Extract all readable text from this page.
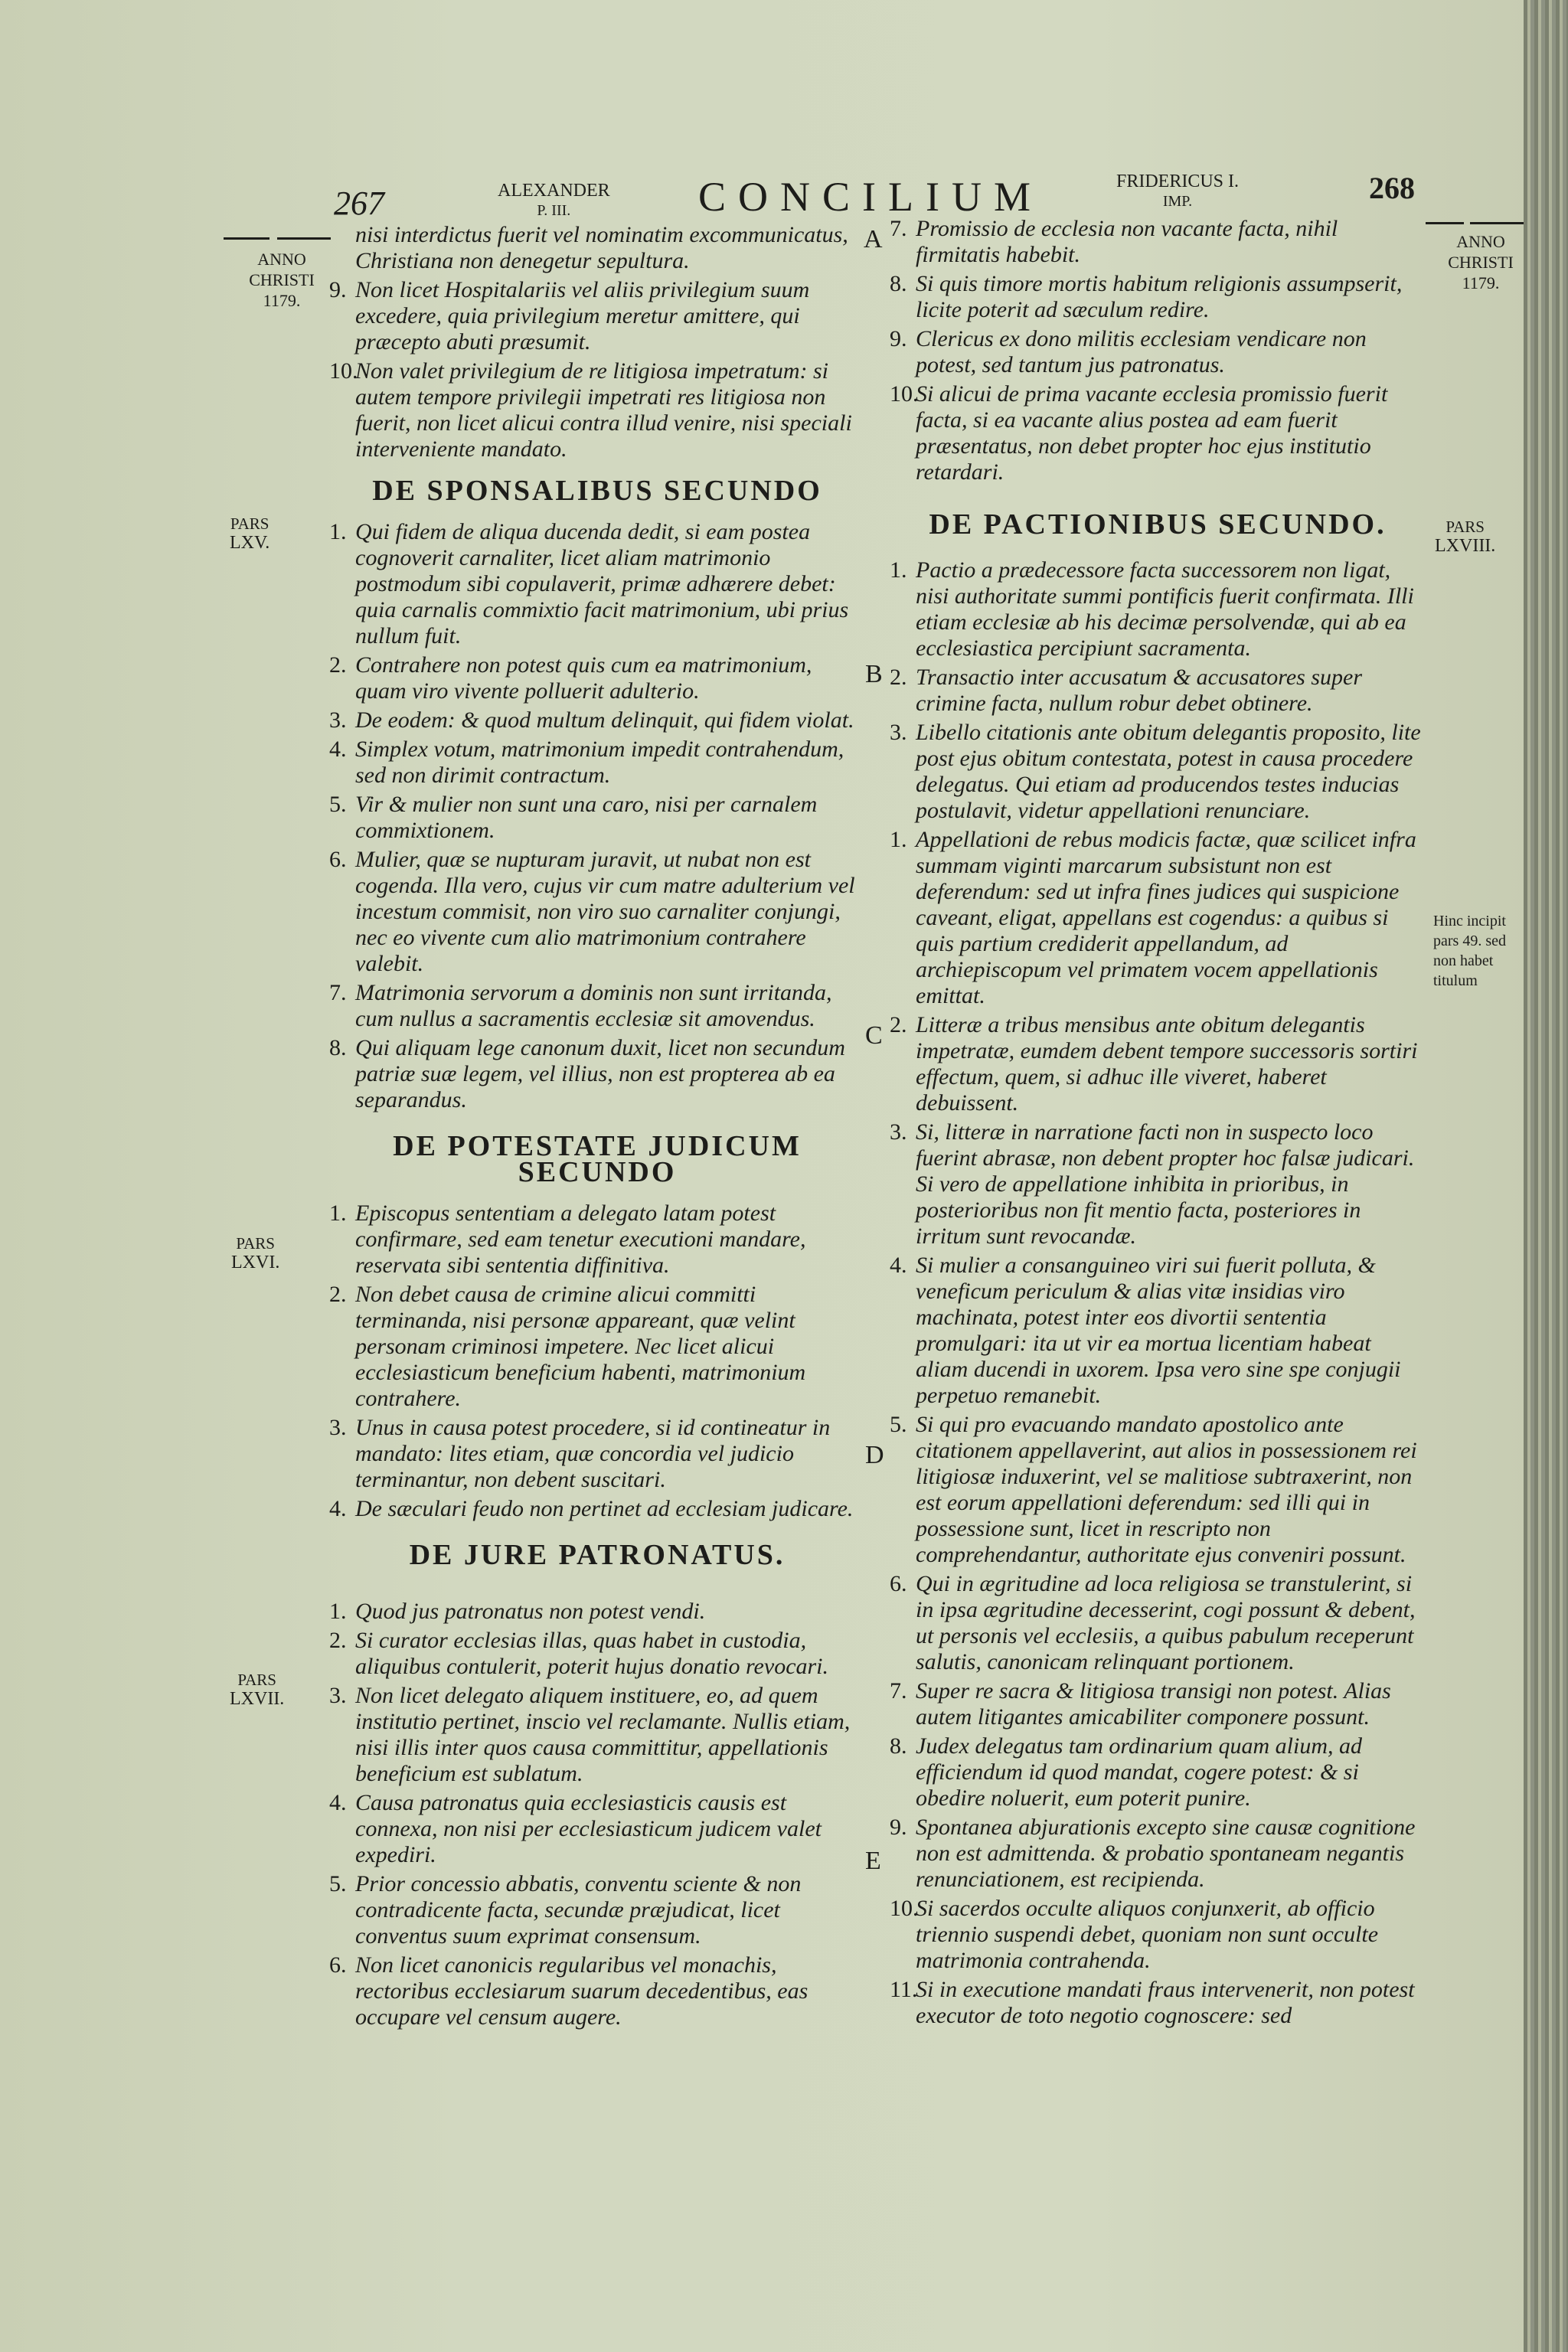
267	ALEXANDER
P. III.	CONCILIUM	FRIDERICUS I.
IMP.	268
ANNO
CHRISTI
1179.
ANNO
CHRISTI
1179.
PARS
LXV.
PARS
LXVI.
PARS
LXVII.
PARS
LXVIII.
Hinc incipit pars 49. sed non habet titulum
A
B
C
D
E
nisi interdictus fuerit vel nominatim excommunicatus, Christiana non denegetur sepultura.
9. Non licet Hospitalariis vel aliis privilegium suum excedere, quia privilegium meretur amittere, qui præcepto abuti præsumit.
10.
Non valet privilegium de re litigiosa impetratum: si autem tempore privilegii impetrati res litigiosa non fuerit, non licet alicui contra illud venire, nisi speciali interveniente mandato.
DE SPONSALIBUS SECUNDO
1. Qui fidem de aliqua ducenda dedit, si eam postea cognoverit carnaliter, licet aliam matrimonio postmodum sibi copulaverit, primæ adhærere debet: quia carnalis commixtio facit matrimonium, ubi prius nullum fuit.
2. Contrahere non potest quis cum ea matrimonium, quam viro vivente polluerit adulterio.
3. De eodem: & quod multum delinquit, qui fidem violat.
4. Simplex votum, matrimonium impedit contrahendum, sed non dirimit contractum.
5. Vir & mulier non sunt una caro, nisi per carnalem commixtionem.
6. Mulier, quæ se nupturam juravit, ut nubat non est cogenda. Illa vero, cujus vir cum matre adulterium vel incestum commisit, non viro suo carnaliter conjungi, nec eo vivente cum alio matrimonium contrahere valebit.
7. Matrimonia servorum a dominis non sunt irritanda, cum nullus a sacramentis ecclesiæ sit amovendus.
8. Qui aliquam lege canonum duxit, licet non secundum patriæ suæ legem, vel illius, non est propterea ab ea separandus.
DE POTESTATE JUDICUM SECUNDO
1. Episcopus sententiam a delegato latam potest confirmare, sed eam tenetur executioni mandare, reservata sibi sententia diffinitiva.
2. Non debet causa de crimine alicui committi terminanda, nisi personæ appareant, quæ velint personam criminosi impetere. Nec licet alicui ecclesiasticum beneficium habenti, matrimonium contrahere.
3. Unus in causa potest procedere, si id contineatur in mandato: lites etiam, quæ concordia vel judicio terminantur, non debent suscitari.
4. De sæculari feudo non pertinet ad ecclesiam judicare.
DE JURE PATRONATUS.
1. Quod jus patronatus non potest vendi.
2. Si curator ecclesias illas, quas habet in custodia, aliquibus contulerit, poterit hujus donatio revocari.
3. Non licet delegato aliquem instituere, eo, ad quem institutio pertinet, inscio vel reclamante. Nullis etiam, nisi illis inter quos causa committitur, appellationis beneficium est sublatum.
4. Causa patronatus quia ecclesiasticis causis est connexa, non nisi per ecclesiasticum judicem valet expediri.
5. Prior concessio abbatis, conventu sciente & non contradicente facta, secundæ præjudicat, licet conventus suum exprimat consensum.
6. Non licet canonicis regularibus vel monachis, rectoribus ecclesiarum suarum decedentibus, eas occupare vel censum augere.
7. Promissio de ecclesia non vacante facta, nihil firmitatis habebit.
8. Si quis timore mortis habitum religionis assumpserit, licite poterit ad sæculum redire.
9. Clericus ex dono militis ecclesiam vendicare non potest, sed tantum jus patronatus.
10.
Si alicui de prima vacante ecclesia promissio fuerit facta, si ea vacante alius postea ad eam fuerit præsentatus, non debet propter hoc ejus institutio retardari.
DE PACTIONIBUS SECUNDO.
1. Pactio a prædecessore facta successorem non ligat, nisi authoritate summi pontificis fuerit confirmata. Illi etiam ecclesiæ ab his decimæ persolvendæ, qui ab ea ecclesiastica percipiunt sacramenta.
2. Transactio inter accusatum & accusatores super crimine facta, nullum robur debet obtinere.
3. Libello citationis ante obitum delegantis proposito, lite post ejus obitum contestata, potest in causa procedere delegatus. Qui etiam ad producendos testes inducias postulavit, videtur appellationi renunciare.
1. Appellationi de rebus modicis factæ, quæ scilicet infra summam viginti marcarum subsistunt non est deferendum: sed ut infra fines judices qui suspicione caveant, eligat, appellans est cogendus: a quibus si quis partium crediderit appellandum, ad archiepiscopum vel primatem vocem appellationis emittat.
2. Litteræ a tribus mensibus ante obitum delegantis impetratæ, eumdem debent tempore successoris sortiri effectum, quem, si adhuc ille viveret, haberet debuissent.
3. Si, litteræ in narratione facti non in suspecto loco fuerint abrasæ, non debent propter hoc falsæ judicari. Si vero de appellatione inhibita in prioribus, in posterioribus non fit mentio facta, posteriores in irritum sunt revocandæ.
4. Si mulier a consanguineo viri sui fuerit polluta, & veneficum periculum & alias vitæ insidias viro machinata, potest inter eos divortii sententia promulgari: ita ut vir ea mortua licentiam habeat aliam ducendi in uxorem. Ipsa vero sine spe conjugii perpetuo remanebit.
5. Si qui pro evacuando mandato apostolico ante citationem appellaverint, aut alios in possessionem rei litigiosæ induxerint, vel se malitiose subtraxerint, non est eorum appellationi deferendum: sed illi qui in possessione sunt, licet in rescripto non comprehendantur, authoritate ejus conveniri possunt.
6. Qui in ægritudine ad loca religiosa se transtulerint, si in ipsa ægritudine decesserint, cogi possunt & debent, ut personis vel ecclesiis, a quibus pabulum receperunt salutis, canonicam relinquant portionem.
7. Super re sacra & litigiosa transigi non potest. Alias autem litigantes amicabiliter componere possunt.
8. Judex delegatus tam ordinarium quam alium, ad efficiendum id quod mandat, cogere potest: & si obedire noluerit, eum poterit punire.
9. Spontanea abjurationis excepto sine causæ cognitione non est admittenda. & probatio spontaneam negantis renunciationem, est recipienda.
10.
Si sacerdos occulte aliquos conjunxerit, ab officio triennio suspendi debet, quoniam non sunt occulte matrimonia contrahenda.
11.
Si in executione mandati fraus intervenerit, non potest executor de toto negotio cognoscere: sed
